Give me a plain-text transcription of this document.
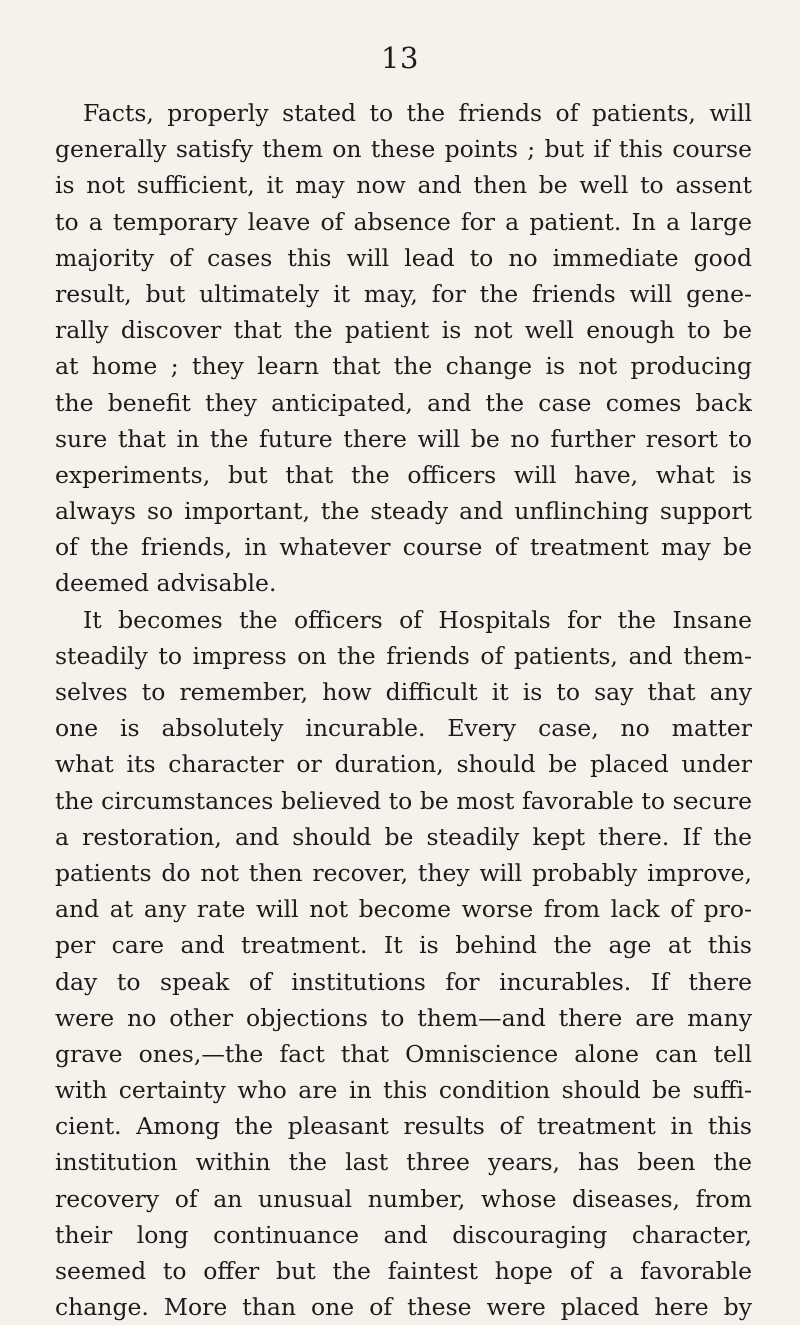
13
Facts, properly stated to the friends of patients, will
generally satisfy them on these points ; but if this course
is not sufficient, it may now and then be well to assent
to a temporary leave of absence for a patient. In a large
majority of cases this will lead to no immediate good
result, but ultimately it may, for the friends will gene-
rally discover that the patient is not well enough to be
at home ; they learn that the change is not producing
the benefit they anticipated, and the case comes back
sure that in the future there will be no further resort to
experiments, but that the officers will have, what is
always so important, the steady and unflinching support
of the friends, in whatever course of treatment may be
deemed advisable.
It becomes the officers of Hospitals for the Insane
steadily to impress on the friends of patients, and them-
selves to remember, how difficult it is to say that any
one is absolutely incurable. Every case, no matter
what its character or duration, should be placed under
the circumstances believed to be most favorable to secure
a restoration, and should be steadily kept there. If the
patients do not then recover, they will probably improve,
and at any rate will not become worse from lack of pro-
per care and treatment. It is behind the age at this
day to speak of institutions for incurables. If there
were no other objections to them—and there are many
grave ones,—the fact that Omniscience alone can tell
with certainty who are in this condition should be suffi-
cient. Among the pleasant results of treatment in this
institution within the last three years, has been the
recovery of an unusual number, whose diseases, from
their long continuance and discouraging character,
seemed to offer but the faintest hope of a favorable
change. More than one of these were placed here by
